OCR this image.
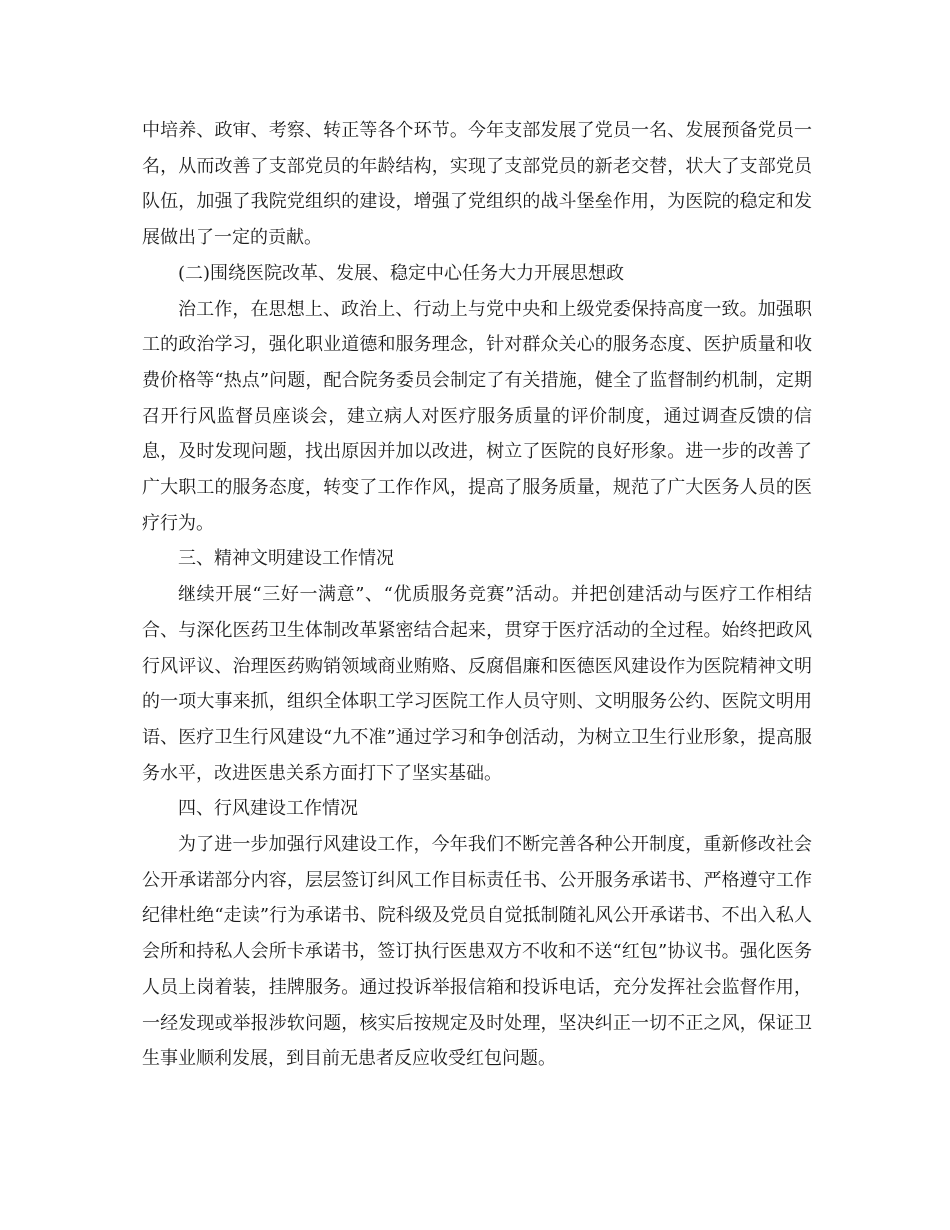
中培养、政审、考察、转正等各个环节。今年支部发展了党员一名、发展预备党员一名，从而改善了支部党员的年龄结构，实现了支部党员的新老交替，状大了支部党员队伍，加强了我院党组织的建设，增强了党组织的战斗堡垒作用，为医院的稳定和发展做出了一定的贡献。

(二)围绕医院改革、发展、稳定中心任务大力开展思想政

治工作，在思想上、政治上、行动上与党中央和上级党委保持高度一致。加强职工的政治学习，强化职业道德和服务理念，针对群众关心的服务态度、医护质量和收费价格等“热点”问题，配合院务委员会制定了有关措施，健全了监督制约机制，定期召开行风监督员座谈会，建立病人对医疗服务质量的评价制度，通过调查反馈的信息，及时发现问题，找出原因并加以改进，树立了医院的良好形象。进一步的改善了广大职工的服务态度，转变了工作作风，提高了服务质量，规范了广大医务人员的医疗行为。

三、精神文明建设工作情况

继续开展“三好一满意”、“优质服务竞赛”活动。并把创建活动与医疗工作相结合、与深化医药卫生体制改革紧密结合起来，贯穿于医疗活动的全过程。始终把政风行风评议、治理医药购销领域商业贿赂、反腐倡廉和医德医风建设作为医院精神文明的一项大事来抓，组织全体职工学习医院工作人员守则、文明服务公约、医院文明用语、医疗卫生行风建设“九不准”通过学习和争创活动，为树立卫生行业形象，提高服务水平，改进医患关系方面打下了坚实基础。

四、行风建设工作情况

为了进一步加强行风建设工作，今年我们不断完善各种公开制度，重新修改社会公开承诺部分内容，层层签订纠风工作目标责任书、公开服务承诺书、严格遵守工作纪律杜绝“走读”行为承诺书、院科级及党员自觉抵制随礼风公开承诺书、不出入私人会所和持私人会所卡承诺书，签订执行医患双方不收和不送“红包”协议书。强化医务人员上岗着装，挂牌服务。通过投诉举报信箱和投诉电话，充分发挥社会监督作用，一经发现或举报涉软问题，核实后按规定及时处理，坚决纠正一切不正之风，保证卫生事业顺利发展，到目前无患者反应收受红包问题。
